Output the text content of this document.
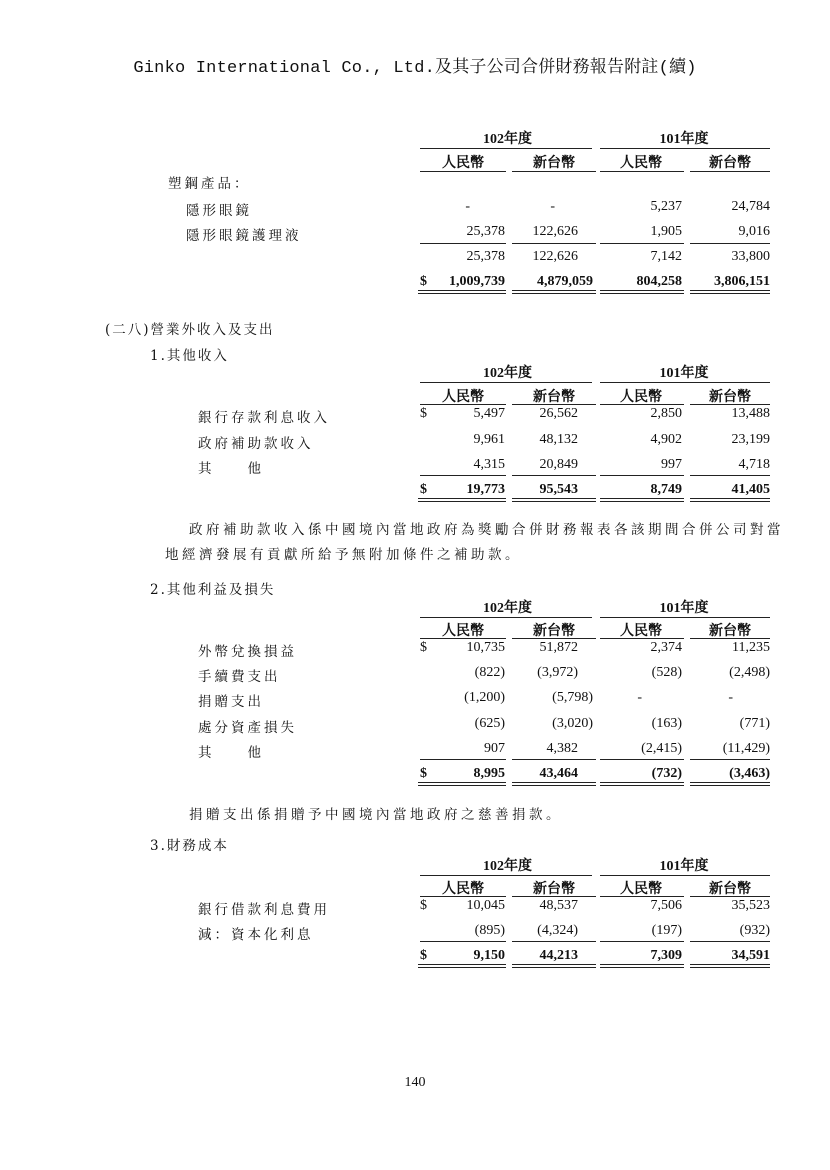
Ginko International Co., Ltd.及其子公司合併財務報告附註(續)
102年度	101年度
人民幣	新台幣	人民幣	新台幣
塑鋼產品：
隱形眼鏡	-	-	5,237	24,784
隱形眼鏡護理液	25,378	122,626	1,905	9,016
25,378	122,626	7,142	33,800
$	1,009,739	4,879,059	804,258	3,806,151
(二八)營業外收入及支出
1.其他收入
102年度	101年度
人民幣	新台幣	人民幣	新台幣
銀行存款利息收入	$	5,497	26,562	2,850	13,488
政府補助款收入	9,961	48,132	4,902	23,199
其　　他	4,315	20,849	997	4,718
$	19,773	95,543	8,749	41,405
政府補助款收入係中國境內當地政府為獎勵合併財務報表各該期間合併公司對當地經濟發展有貢獻所給予無附加條件之補助款。
2.其他利益及損失
102年度	101年度
人民幣	新台幣	人民幣	新台幣
外幣兌換損益	$	10,735	51,872	2,374	11,235
手續費支出	(822)	(3,972)	(528)	(2,498)
捐贈支出	(1,200)	(5,798)	-	-
處分資產損失	(625)	(3,020)	(163)	(771)
其　　他	907	4,382	(2,415)	(11,429)
$	8,995	43,464	(732)	(3,463)
捐贈支出係捐贈予中國境內當地政府之慈善捐款。
3.財務成本
102年度	101年度
人民幣	新台幣	人民幣	新台幣
銀行借款利息費用	$	10,045	48,537	7,506	35,523
減：資本化利息	(895)	(4,324)	(197)	(932)
$	9,150	44,213	7,309	34,591
140
